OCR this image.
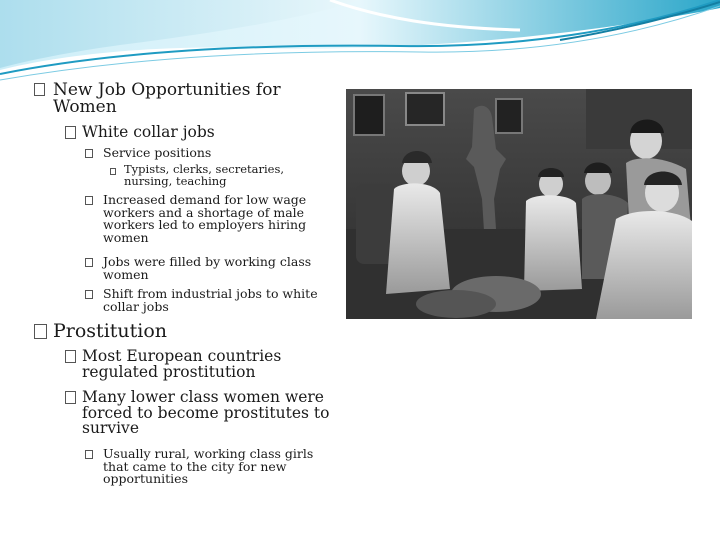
New Job Opportunities for Women

White collar jobs

Service positions

Typists, clerks, secretaries, nursing, teaching

Increased demand for low wage workers and a shortage of male workers led to employers hiring women

Jobs were filled by working class women

Shift from industrial jobs to white collar jobs

Prostitution

Most European countries regulated prostitution

Many lower class women were forced to become prostitutes to survive

Usually rural, working class girls that came to the city for new opportunities
